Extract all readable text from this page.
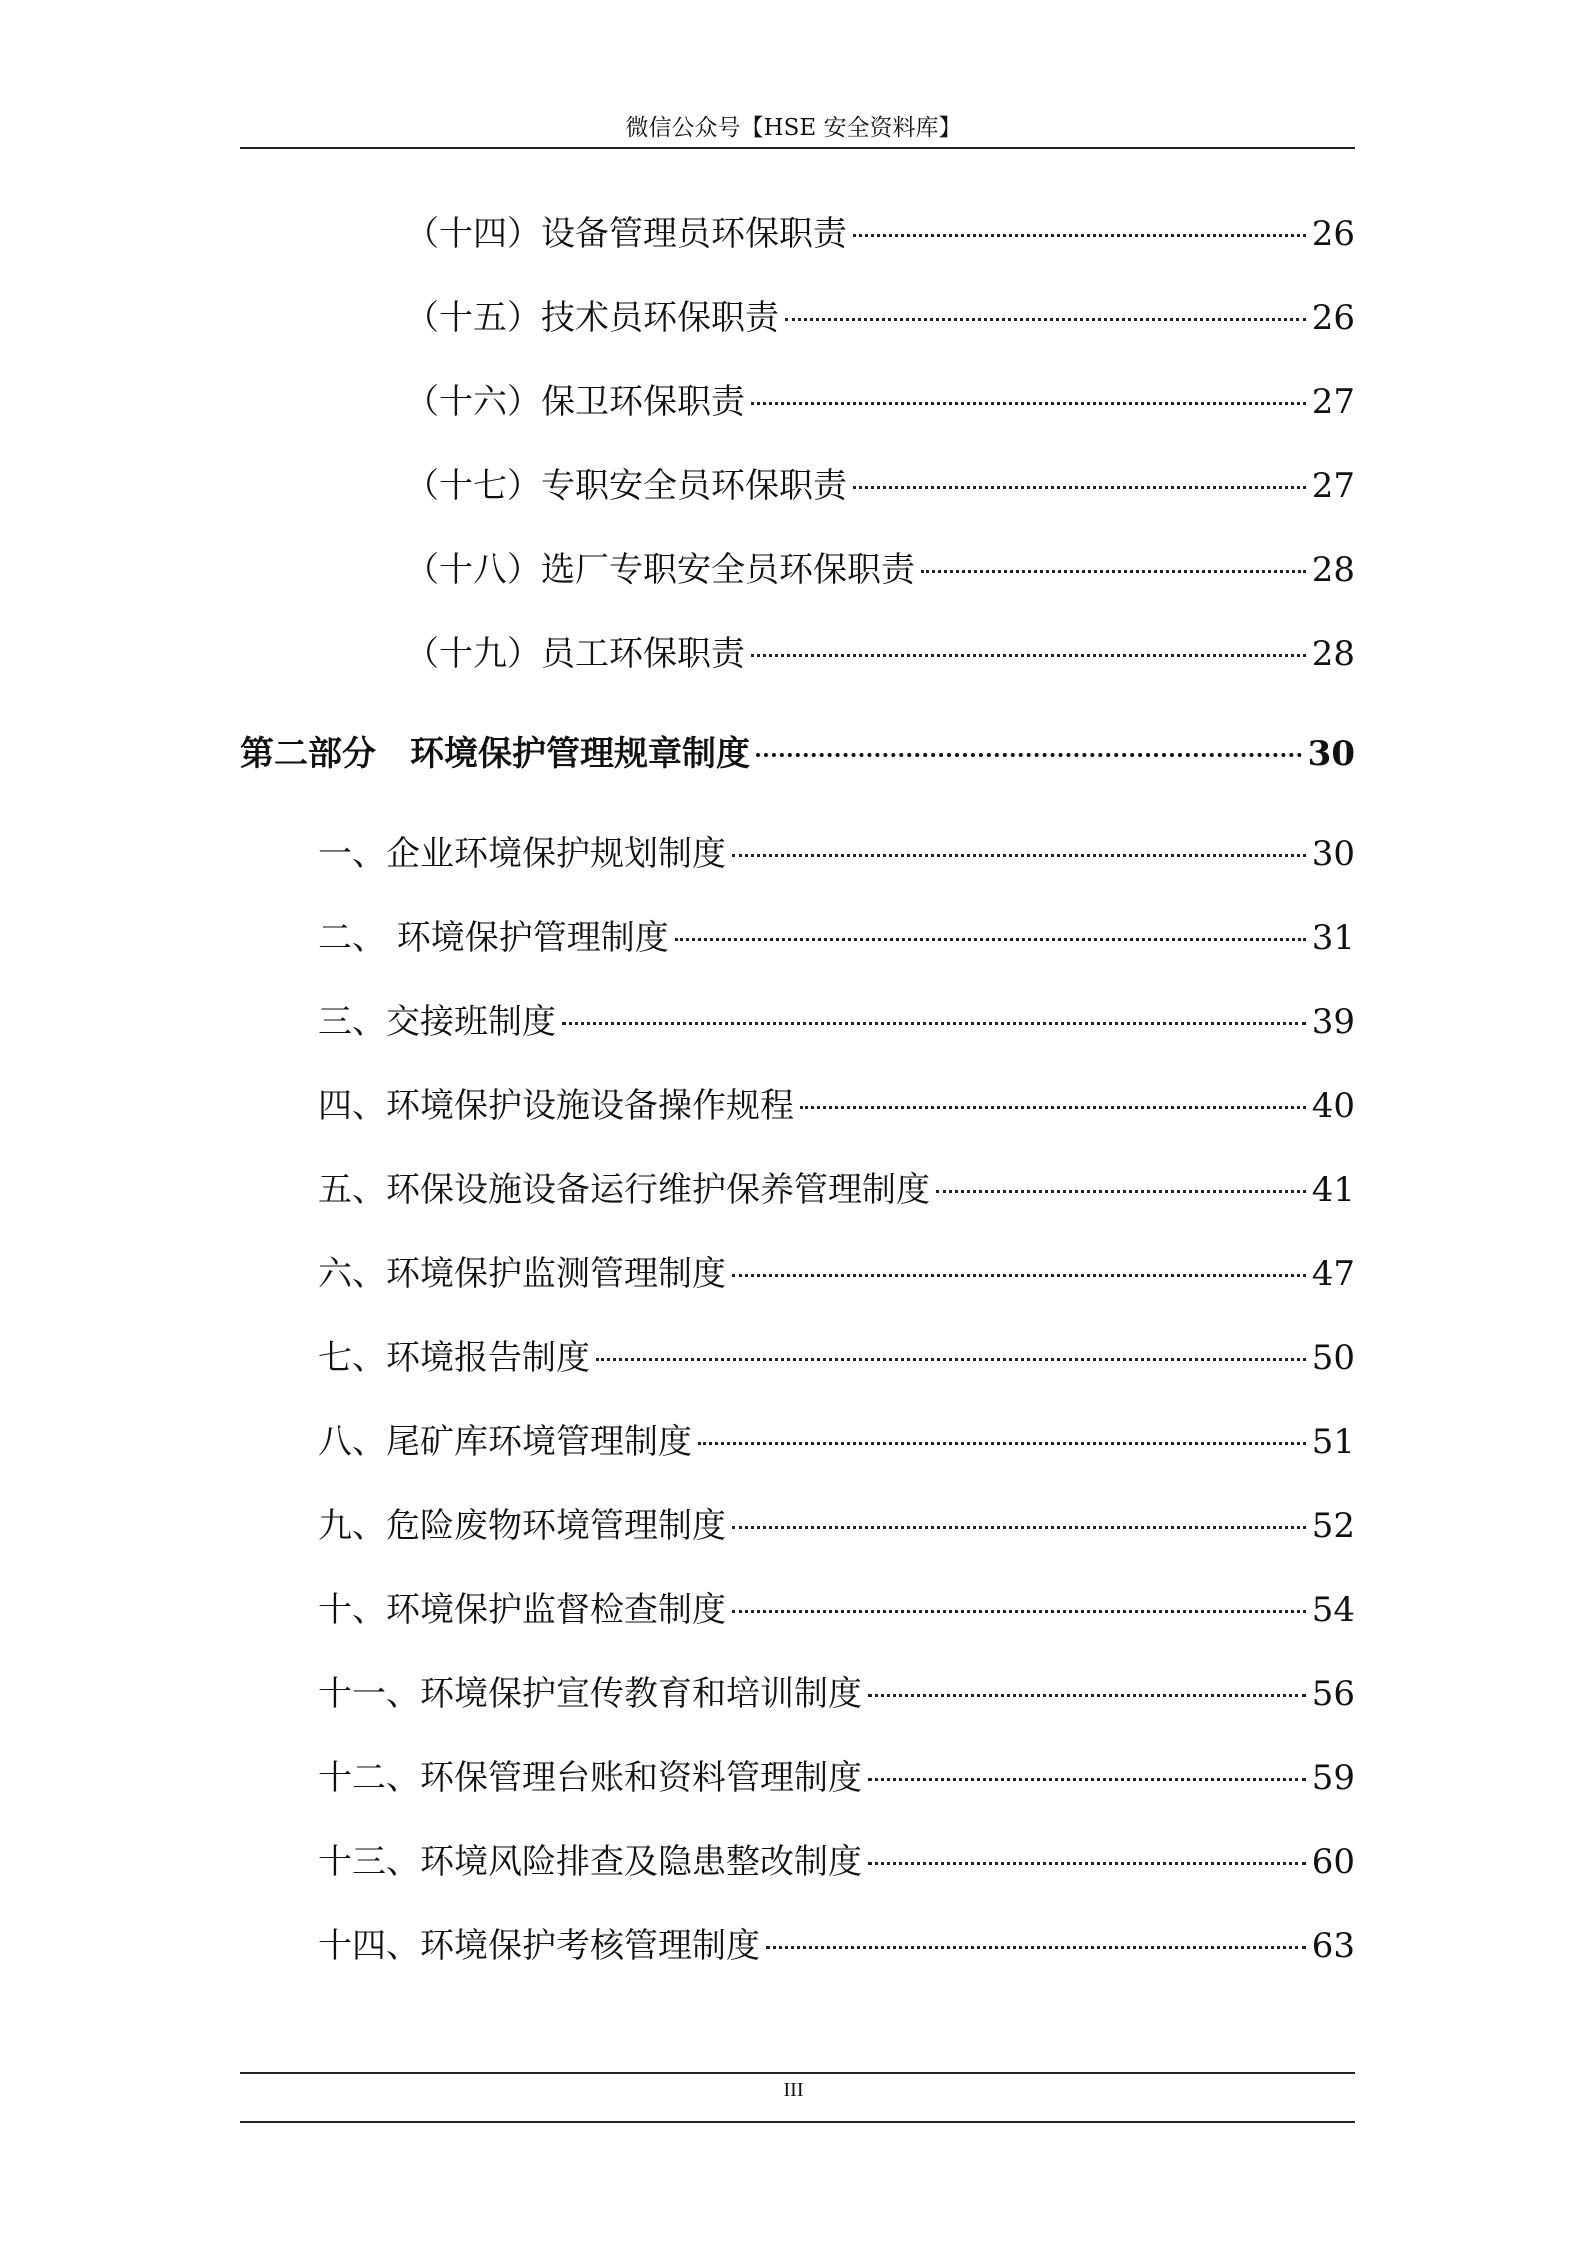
微信公众号【HSE 安全资料库】
（十四）设备管理员环保职责	26
（十五）技术员环保职责	26
（十六）保卫环保职责	27
（十七）专职安全员环保职责	27
（十八）选厂专职安全员环保职责	28
（十九）员工环保职责	28
第二部分　环境保护管理规章制度	30
一、企业环境保护规划制度	30
二、 环境保护管理制度	31
三、交接班制度	39
四、环境保护设施设备操作规程	40
五、环保设施设备运行维护保养管理制度	41
六、环境保护监测管理制度	47
七、环境报告制度	50
八、尾矿库环境管理制度	51
九、危险废物环境管理制度	52
十、环境保护监督检查制度	54
十一、环境保护宣传教育和培训制度	56
十二、环保管理台账和资料管理制度	59
十三、环境风险排查及隐患整改制度	60
十四、环境保护考核管理制度	63
III
